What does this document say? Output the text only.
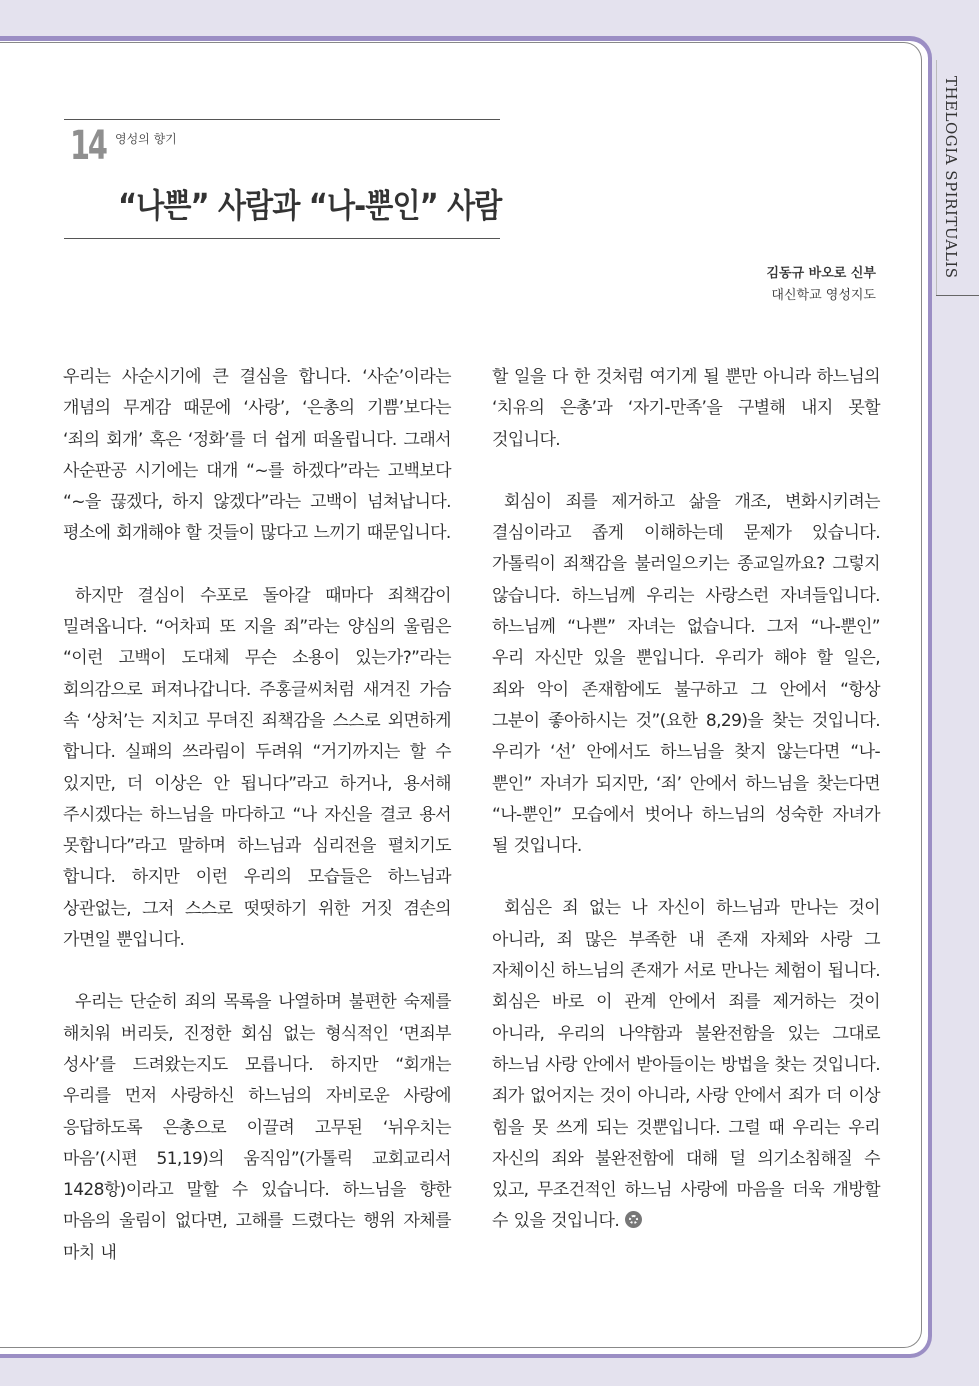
THELOGIA SPIRITUALIS
14 영성의 향기
“나쁜” 사람과 “나-뿐인” 사람
김동규 바오로 신부
대신학교 영성지도

우리는 사순시기에 큰 결심을 합니다. ‘사순’이라는 개념의 무게감 때문에 ‘사랑’, ‘은총의 기쁨’보다는 ‘죄의 회개’ 혹은 ‘정화’를 더 쉽게 떠올립니다. 그래서 사순판공 시기에는 대개 “~를 하겠다”라는 고백보다 “~을 끊겠다, 하지 않겠다”라는 고백이 넘쳐납니다. 평소에 회개해야 할 것들이 많다고 느끼기 때문입니다.

하지만 결심이 수포로 돌아갈 때마다 죄책감이 밀려옵니다. “어차피 또 지을 죄”라는 양심의 울림은 “이런 고백이 도대체 무슨 소용이 있는가?”라는 회의감으로 퍼져나갑니다. 주홍글씨처럼 새겨진 가슴 속 ‘상처’는 지치고 무뎌진 죄책감을 스스로 외면하게 합니다. 실패의 쓰라림이 두려워 “거기까지는 할 수 있지만, 더 이상은 안 됩니다”라고 하거나, 용서해 주시겠다는 하느님을 마다하고 “나 자신을 결코 용서 못합니다”라고 말하며 하느님과 심리전을 펼치기도 합니다. 하지만 이런 우리의 모습들은 하느님과 상관없는, 그저 스스로 떳떳하기 위한 거짓 겸손의 가면일 뿐입니다.

우리는 단순히 죄의 목록을 나열하며 불편한 숙제를 해치워 버리듯, 진정한 회심 없는 형식적인 ‘면죄부 성사’를 드려왔는지도 모릅니다. 하지만 “회개는 우리를 먼저 사랑하신 하느님의 자비로운 사랑에 응답하도록 은총으로 이끌려 고무된 ‘뉘우치는 마음’(시편 51,19)의 움직임”(가톨릭 교회교리서 1428항)이라고 말할 수 있습니다. 하느님을 향한 마음의 울림이 없다면, 고해를 드렸다는 행위 자체를 마치 내

할 일을 다 한 것처럼 여기게 될 뿐만 아니라 하느님의 ‘치유의 은총’과 ‘자기-만족’을 구별해 내지 못할 것입니다.

회심이 죄를 제거하고 삶을 개조, 변화시키려는 결심이라고 좁게 이해하는데 문제가 있습니다. 가톨릭이 죄책감을 불러일으키는 종교일까요? 그렇지 않습니다. 하느님께 우리는 사랑스런 자녀들입니다. 하느님께 “나쁜” 자녀는 없습니다. 그저 “나-뿐인” 우리 자신만 있을 뿐입니다. 우리가 해야 할 일은, 죄와 악이 존재함에도 불구하고 그 안에서 “항상 그분이 좋아하시는 것”(요한 8,29)을 찾는 것입니다. 우리가 ‘선’ 안에서도 하느님을 찾지 않는다면 “나-뿐인” 자녀가 되지만, ‘죄’ 안에서 하느님을 찾는다면 “나-뿐인” 모습에서 벗어나 하느님의 성숙한 자녀가 될 것입니다.

회심은 죄 없는 나 자신이 하느님과 만나는 것이 아니라, 죄 많은 부족한 내 존재 자체와 사랑 그 자체이신 하느님의 존재가 서로 만나는 체험이 됩니다. 회심은 바로 이 관계 안에서 죄를 제거하는 것이 아니라, 우리의 나약함과 불완전함을 있는 그대로 하느님 사랑 안에서 받아들이는 방법을 찾는 것입니다. 죄가 없어지는 것이 아니라, 사랑 안에서 죄가 더 이상 힘을 못 쓰게 되는 것뿐입니다. 그럴 때 우리는 우리 자신의 죄와 불완전함에 대해 덜 의기소침해질 수 있고, 무조건적인 하느님 사랑에 마음을 더욱 개방할 수 있을 것입니다.
